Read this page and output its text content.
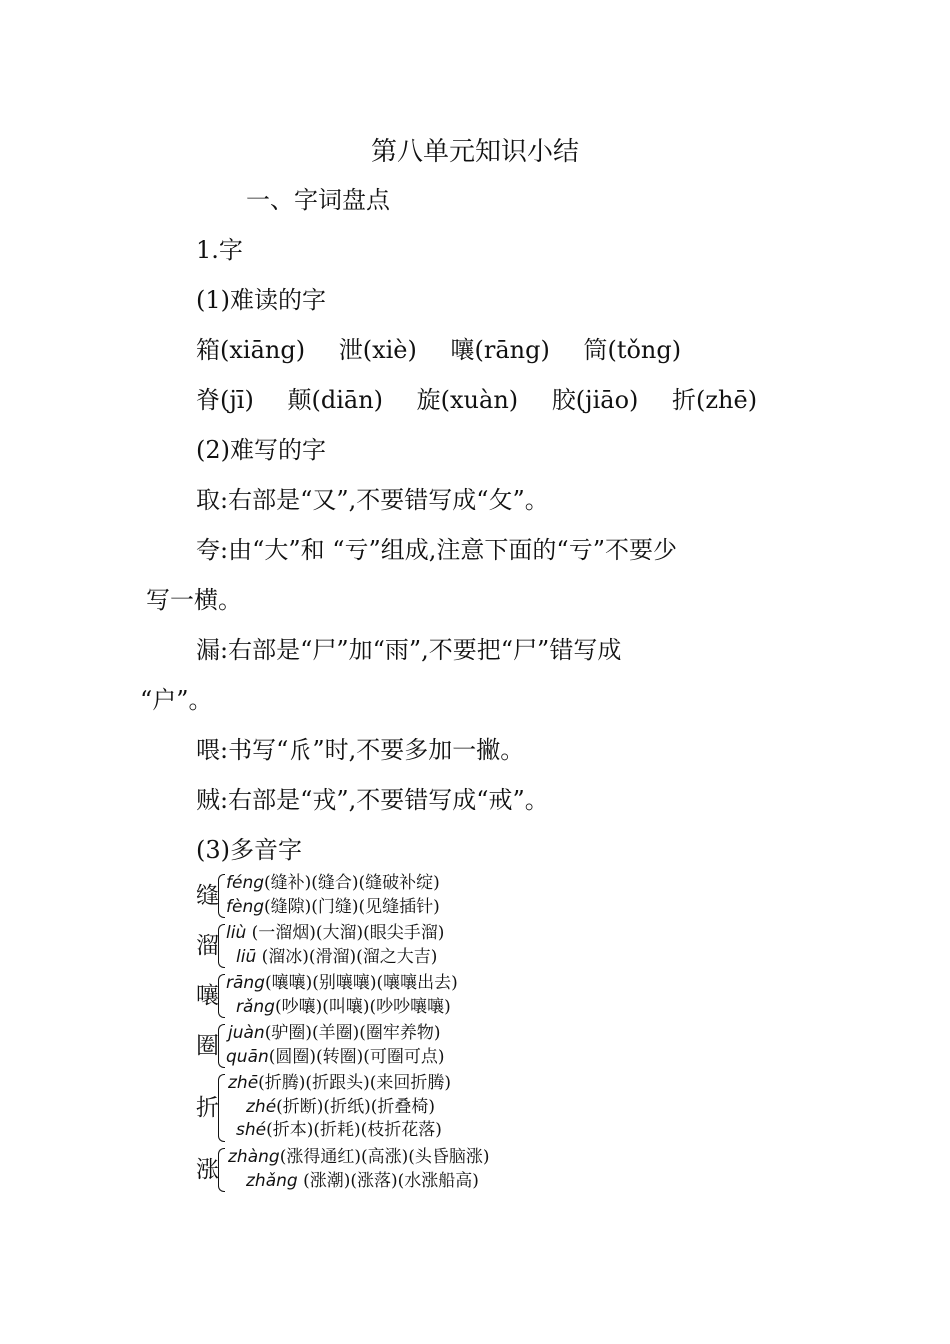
第八单元知识小结
一、字词盘点
1.字
(1)难读的字
箱(xiāng) 泄(xiè) 嚷(rāng) 筒(tǒng)
脊(jī) 颠(diān) 旋(xuàn) 胶(jiāo) 折(zhē)
(2)难写的字
取:右部是“又”,不要错写成“攵”。
夸:由“大”和 “亏”组成,注意下面的“亏”不要少
写一横。
漏:右部是“尸”加“雨”,不要把“尸”错写成
“户”。
喂:书写“𠂢”时,不要多加一撇。
贼:右部是“戎”,不要错写成“戒”。
(3)多音字
缝 féng(缝补)(缝合)(缝破补绽)
fèng(缝隙)(门缝)(见缝插针)
溜 liù (一溜烟)(大溜)(眼尖手溜)
liū (溜冰)(滑溜)(溜之大吉)
嚷 rāng(嚷嚷)(别嚷嚷)(嚷嚷出去)
rǎng(吵嚷)(叫嚷)(吵吵嚷嚷)
圈 juàn(驴圈)(羊圈)(圈牢养物)
quān(圆圈)(转圈)(可圈可点)
折
zhē(折腾)(折跟头)(来回折腾)
zhé(折断)(折纸)(折叠椅)
shé(折本)(折耗)(枝折花落)
涨 zhàng(涨得通红)(高涨)(头昏脑涨)
zhǎng (涨潮)(涨落)(水涨船高)
